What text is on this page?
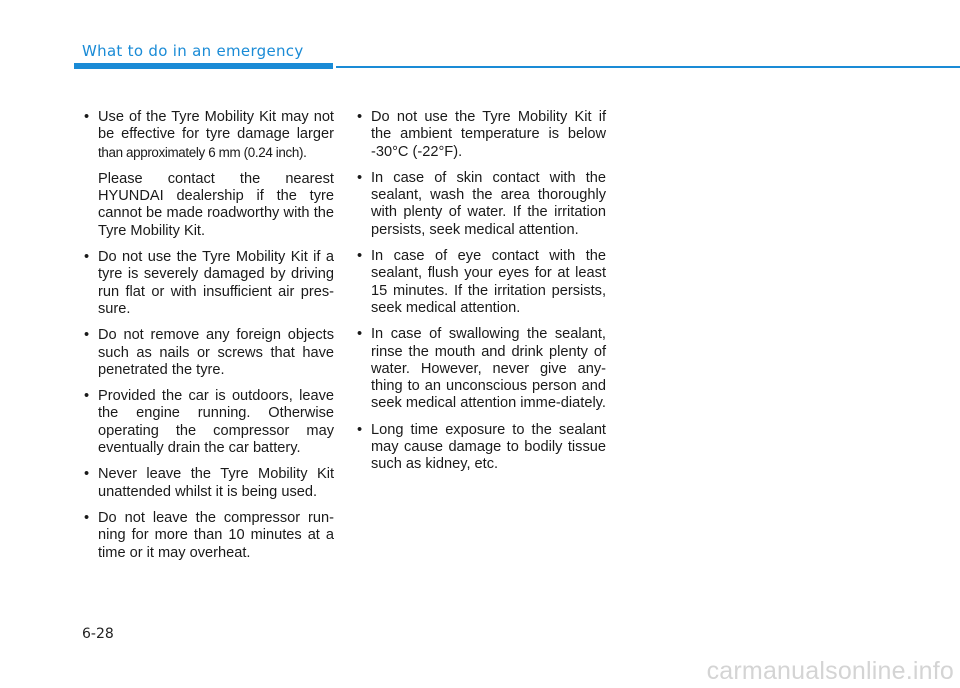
What to do in an emergency
• Use of the Tyre Mobility Kit may not be effective for tyre damage larger than approximately 6 mm (0.24 inch).
Please contact the nearest HYUNDAI dealership if the tyre cannot be made roadworthy with the Tyre Mobility Kit.
• Do not use the Tyre Mobility Kit if a tyre is severely damaged by driving run flat or with insufficient air pres-sure.
• Do not remove any foreign objects such as nails or screws that have penetrated the tyre.
• Provided the car is outdoors, leave the engine running. Otherwise operating the compressor may eventually drain the car battery.
• Never leave the Tyre Mobility Kit unattended whilst it is being used.
• Do not leave the compressor run-ning for more than 10 minutes at a time or it may overheat.
• Do not use the Tyre Mobility Kit if the ambient temperature is below -30°C (-22°F).
• In case of skin contact with the sealant, wash the area thoroughly with plenty of water. If the irritation persists, seek medical attention.
• In case of eye contact with the sealant, flush your eyes for at least 15 minutes. If the irritation persists, seek medical attention.
• In case of swallowing the sealant, rinse the mouth and drink plenty of water. However, never give any-thing to an unconscious person and seek medical attention imme-diately.
• Long time exposure to the sealant may cause damage to bodily tissue such as kidney, etc.
6-28
carmanualsonline.info
